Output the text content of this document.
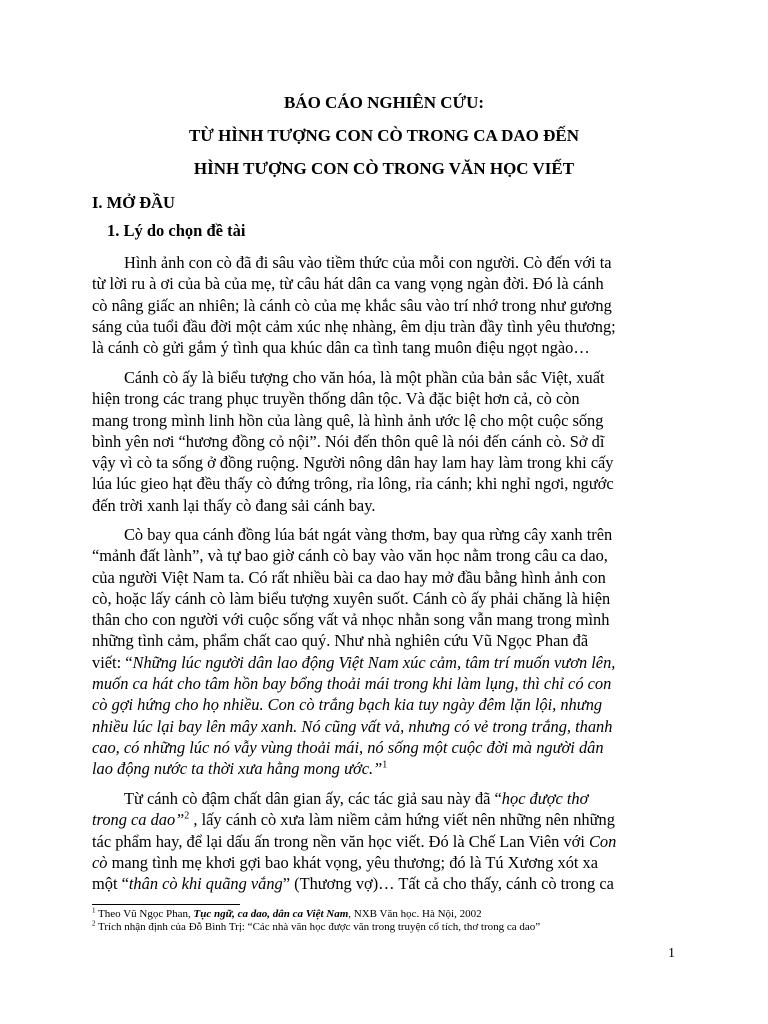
BÁO CÁO NGHIÊN CỨU:
TỪ HÌNH TƯỢNG CON CÒ TRONG CA DAO ĐẾN
HÌNH TƯỢNG CON CÒ TRONG VĂN HỌC VIẾT
I. MỞ ĐẦU
1. Lý do chọn đề tài
Hình ảnh con cò đã đi sâu vào tiềm thức của mỗi con người. Cò đến với ta
từ lời ru à ơi của bà của mẹ, từ câu hát dân ca vang vọng ngàn đời. Đó là cánh
cò nâng giấc an nhiên; là cánh cò của mẹ khắc sâu vào trí nhớ trong như gương
sáng của tuổi đầu đời một cảm xúc nhẹ nhàng, êm dịu tràn đầy tình yêu thương;
là cánh cò gửi gắm ý tình qua khúc dân ca tình tang muôn điệu ngọt ngào…
Cánh cò ấy là biểu tượng cho văn hóa, là một phần của bản sắc Việt, xuất
hiện trong các trang phục truyền thống dân tộc. Và đặc biệt hơn cả, cò còn
mang trong mình linh hồn của làng quê, là hình ảnh ước lệ cho một cuộc sống
bình yên nơi “hương đồng cỏ nội”. Nói đến thôn quê là nói đến cánh cò. Sở dĩ
vậy vì cò ta sống ở đồng ruộng. Người nông dân hay lam hay làm trong khi cấy
lúa lúc gieo hạt đều thấy cò đứng trông, rỉa lông, rỉa cánh; khi nghỉ ngơi, ngước
đến trời xanh lại thấy cò đang sải cánh bay.
Cò bay qua cánh đồng lúa bát ngát vàng thơm, bay qua rừng cây xanh trên
“mảnh đất lành”, và tự bao giờ cánh cò bay vào văn học nằm trong câu ca dao,
của người Việt Nam ta. Có rất nhiều bài ca dao hay mở đầu bằng hình ảnh con
cò, hoặc lấy cánh cò làm biểu tượng xuyên suốt. Cánh cò ấy phải chăng là hiện
thân cho con người với cuộc sống vất vả nhọc nhằn song vẫn mang trong mình
những tình cảm, phẩm chất cao quý. Như nhà nghiên cứu Vũ Ngọc Phan đã
viết: “Những lúc người dân lao động Việt Nam xúc cảm, tâm trí muốn vươn lên,
muốn ca hát cho tâm hồn bay bổng thoải mái trong khi làm lụng, thì chỉ có con
cò gợi hứng cho họ nhiều. Con cò trắng bạch kia tuy ngày đêm lặn lội, nhưng
nhiều lúc lại bay lên mây xanh. Nó cũng vất vả, nhưng có vẻ trong trắng, thanh
cao, có những lúc nó vẫy vùng thoải mái, nó sống một cuộc đời mà người dân
lao động nước ta thời xưa hằng mong ước.”$^1$
Từ cánh cò đậm chất dân gian ấy, các tác giả sau này đã “học được thơ
trong ca dao”$^2$ , lấy cánh cò xưa làm niềm cảm hứng viết nên những nên những
tác phẩm hay, để lại dấu ấn trong nền văn học viết. Đó là Chế Lan Viên với Con
cò mang tình mẹ khơi gợi bao khát vọng, yêu thương; đó là Tú Xương xót xa
một “thân cò khi quãng vắng” (Thương vợ)… Tất cả cho thấy, cánh cò trong ca
$^1$ Theo Vũ Ngọc Phan, Tục ngữ, ca dao, dân ca Việt Nam, NXB Văn học. Hà Nội, 2002
$^2$ Trích nhận định của Đỗ Bình Trị: “Các nhà văn học được văn trong truyện cổ tích, thơ trong ca dao”
1
